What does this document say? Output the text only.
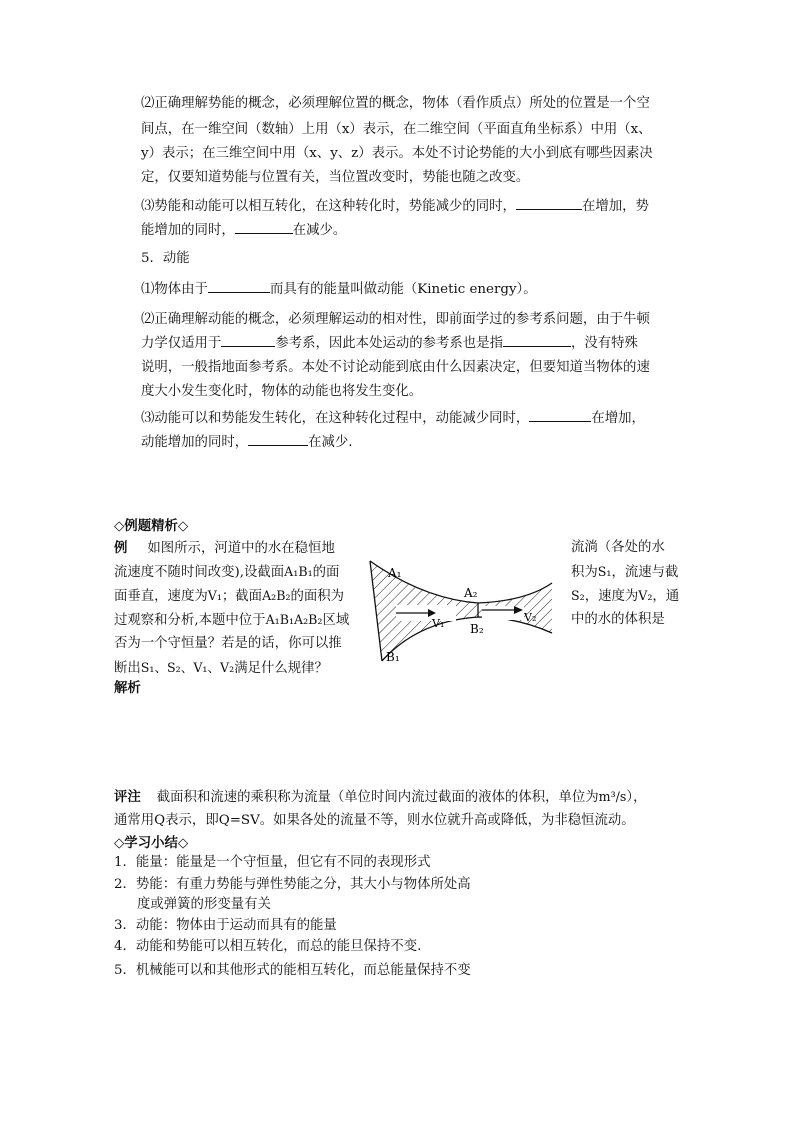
⑵正确理解势能的概念，必须理解位置的概念，物体（看作质点）所处的位置是一个空
间点，在一维空间（数轴）上用（x）表示，在二维空间（平面直角坐标系）中用（x、
y）表示；在三维空间中用（x、y、z）表示。本处不讨论势能的大小到底有哪些因素决
定，仅要知道势能与位置有关，当位置改变时，势能也随之改变。
⑶势能和动能可以相互转化，在这种转化时，势能减少的同时，	在增加，势
能增加的同时，	在减少。
5．动能
⑴物体由于	而具有的能量叫做动能（Kinetic energy）。
⑵正确理解动能的概念，必须理解运动的相对性，即前面学过的参考系问题，由于牛顿
力学仅适用于	参考系，因此本处运动的参考系也是指	，没有特殊
说明，一般指地面参考系。本处不讨论动能到底由什么因素决定，但要知道当物体的速
度大小发生变化时，物体的动能也将发生变化。
⑶动能可以和势能发生转化，在这种转化过程中，动能减少同时，	在增加，
动能增加的同时，	在减少.
◇例题精析◇
例 如图所示，河道中的水在稳恒地
流速度不随时间改变),设截面A₁B₁的面
面垂直，速度为V₁；截面A₂B₂的面积为
过观察和分析,本题中位于A₁B₁A₂B₂区域
否为一个守恒量？若是的话，你可以推
断出S₁、S₂、V₁、V₂满足什么规律？
解析
流淌（各处的水
积为S₁，流速与截
S₂，速度为V₂，通
中的水的体积是
A₁
B₁
A₂
B₂
V₁	V₂
评注 截面积和流速的乘积称为流量（单位时间内流过截面的液体的体积，单位为m³/s），
通常用Q表示，即Q=SV。如果各处的流量不等，则水位就升高或降低，为非稳恒流动。
◇学习小结◇
1．能量：能量是一个守恒量，但它有不同的表现形式
2．势能：有重力势能与弹性势能之分，其大小与物体所处高
度或弹簧的形变量有关
3．动能：物体由于运动而具有的能量
4．动能和势能可以相互转化，而总的能旦保持不变.
5．机械能可以和其他形式的能相互转化，而总能量保持不变
